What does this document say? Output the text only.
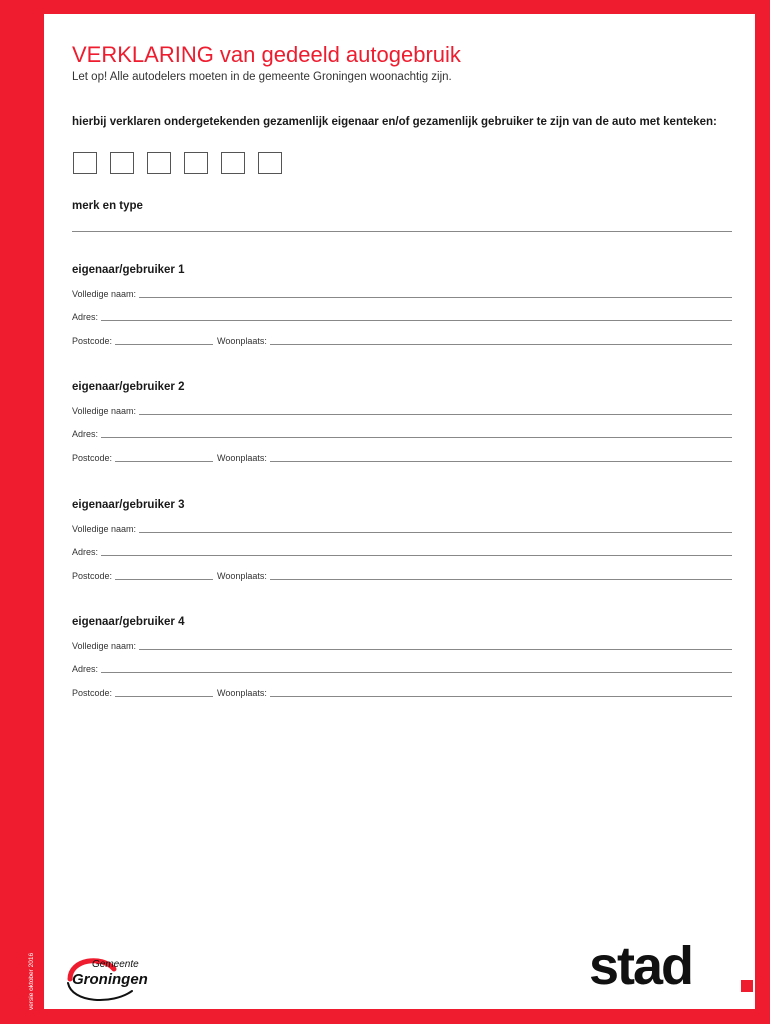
VERKLARING van gedeeld autogebruik

Let op! Alle autodelers moeten in de gemeente Groningen woonachtig zijn.

hierbij verklaren ondergetekenden gezamenlijk eigenaar en/of gezamenlijk gebruiker te zijn van de auto met kenteken:
merk en type
eigenaar/gebruiker 1
Volledige naam:
Adres:
Postcode:	Woonplaats:
eigenaar/gebruiker 2
Volledige naam:
Adres:
Postcode:	Woonplaats:
eigenaar/gebruiker 3
Volledige naam:
Adres:
Postcode:	Woonplaats:
eigenaar/gebruiker 4
Volledige naam:
Adres:
Postcode:	Woonplaats:
Gemeente
Groningen	stad
versie oktober 2016
